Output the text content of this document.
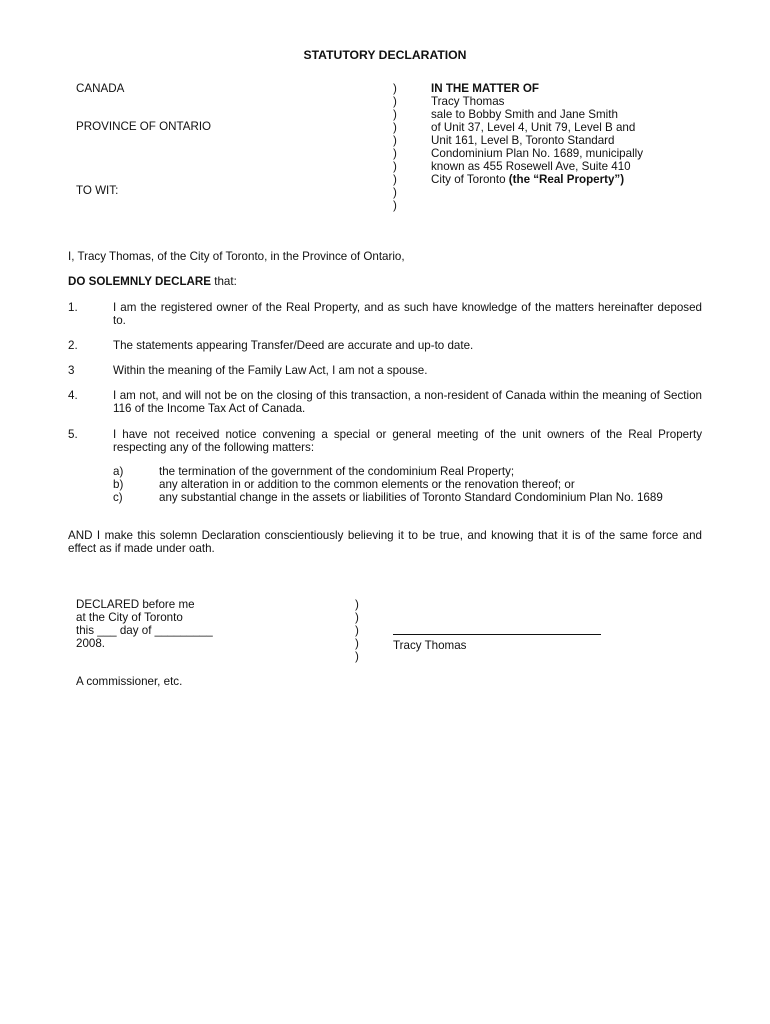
STATUTORY DECLARATION
CANADA
PROVINCE OF ONTARIO
TO WIT:
)
)
)
)
)
)
)
)
)
)
IN THE MATTER OF
Tracy Thomas
sale to Bobby Smith and Jane Smith
of Unit 37, Level 4, Unit 79, Level B and
Unit 161, Level B, Toronto Standard
Condominium Plan No. 1689, municipally
known as 455 Rosewell Ave, Suite 410
City of Toronto (the “Real Property”)
I, Tracy Thomas, of the City of Toronto, in the Province of Ontario,
DO SOLEMNLY DECLARE that:
1.	I am the registered owner of the Real Property, and as such have knowledge of the matters hereinafter deposed to.
2.	The statements appearing Transfer/Deed are accurate and up-to date.
3	Within the meaning of the Family Law Act, I am not a spouse.
4.	I am not, and will not be on the closing of this transaction, a non-resident of Canada within the meaning of Section 116 of the Income Tax Act of Canada.
5.	I have not received notice convening a special or general meeting of the unit owners of the Real Property respecting any of the following matters:
a)	the termination of the government of the condominium Real Property;
b)	any alteration in or addition to the common elements or the renovation thereof; or
c)	any substantial change in the assets or liabilities of Toronto Standard Condominium Plan No. 1689
AND I make this solemn Declaration conscientiously believing it to be true, and knowing that it is of the same force and effect as if made under oath.
DECLARED before me
at the City of Toronto
this ___ day of _________
2008.
)
)
)
)
)
Tracy Thomas
A commissioner, etc.
